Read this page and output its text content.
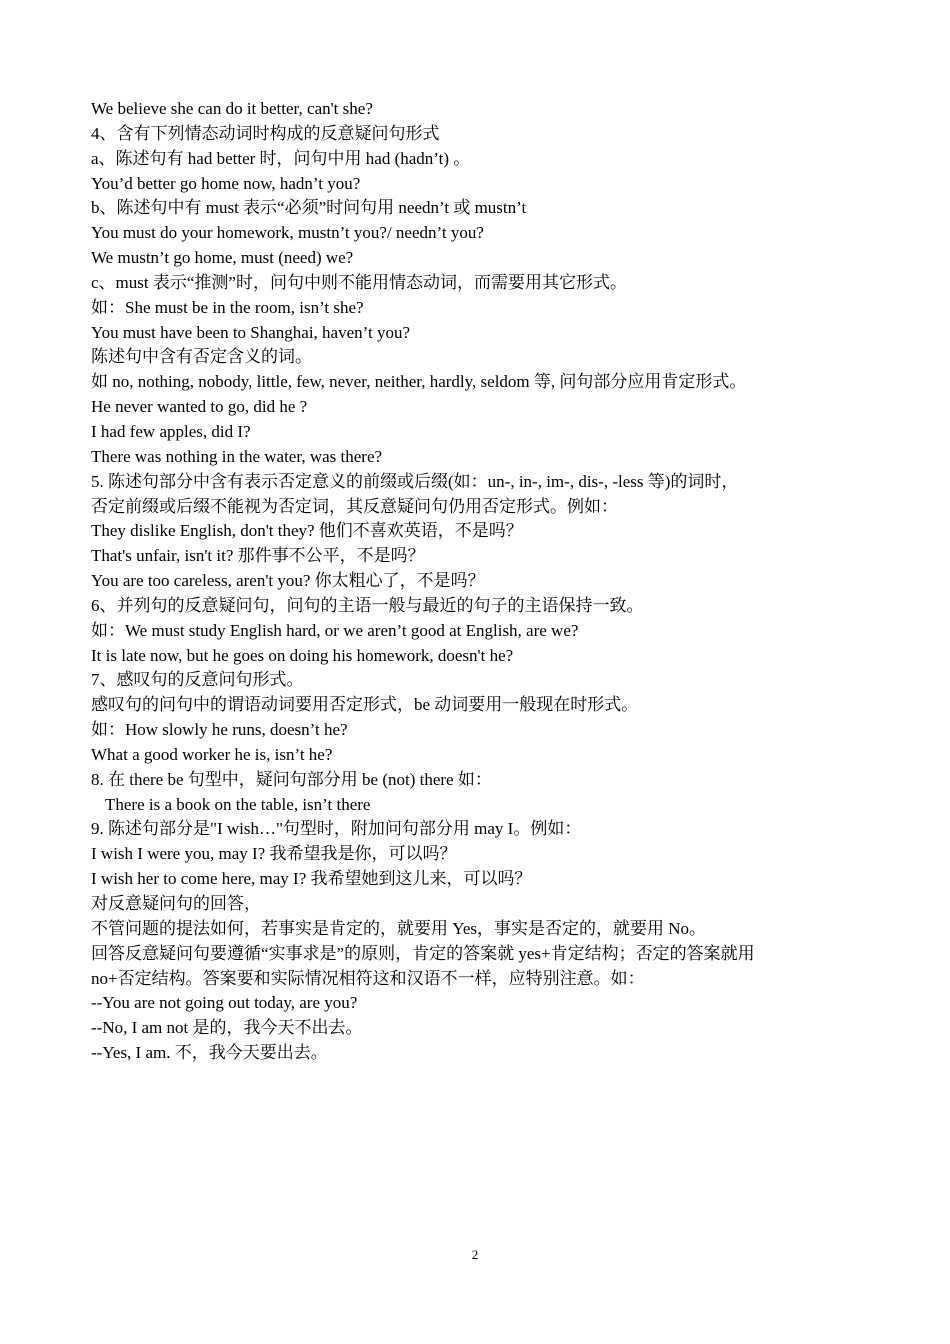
We believe she can do it better, can't she?
4、含有下列情态动词时构成的反意疑问句形式
a、陈述句有 had better 时，问句中用 had (hadn’t) 。
You’d better go home now, hadn’t you?
b、陈述句中有 must 表示“必须”时问句用 needn’t 或 mustn’t
You must do your homework, mustn’t you?/ needn’t you?
We mustn’t go home, must (need) we?
c、must 表示“推测”时，问句中则不能用情态动词，而需要用其它形式。
如：She must be in the room, isn’t she?
You must have been to Shanghai, haven’t you?
陈述句中含有否定含义的词。
如 no, nothing, nobody, little, few, never, neither, hardly, seldom 等, 问句部分应用肯定形式。
He never wanted to go, did he ?
I had few apples, did I?
There was nothing in the water, was there?
5. 陈述句部分中含有表示否定意义的前缀或后缀(如：un-, in-, im-, dis-, -less 等)的词时，
否定前缀或后缀不能视为否定词，其反意疑问句仍用否定形式。例如：
They dislike English, don't they? 他们不喜欢英语，不是吗？
That's unfair, isn't it? 那件事不公平，不是吗？
You are too careless, aren't you? 你太粗心了，不是吗？
6、并列句的反意疑问句，问句的主语一般与最近的句子的主语保持一致。
如：We must study English hard, or we aren’t good at English, are we?
It is late now, but he goes on doing his homework, doesn't he?
7、感叹句的反意问句形式。
感叹句的问句中的谓语动词要用否定形式，be 动词要用一般现在时形式。
如：How slowly he runs, doesn’t he?
What a good worker he is, isn’t he?
8. 在 there be 句型中，疑问句部分用 be (not) there 如：
There is a book on the table, isn’t there
9. 陈述句部分是"I wish…"句型时，附加问句部分用 may I。例如：
I wish I were you, may I? 我希望我是你，可以吗？
I wish her to come here, may I? 我希望她到这儿来，可以吗？
对反意疑问句的回答，
不管问题的提法如何，若事实是肯定的，就要用 Yes，事实是否定的，就要用 No。
回答反意疑问句要遵循“实事求是”的原则，肯定的答案就 yes+肯定结构；否定的答案就用
no+否定结构。答案要和实际情况相符这和汉语不一样，应特别注意。如：
--You are not going out today, are you?
--No, I am not 是的，我今天不出去。
--Yes, I am. 不，我今天要出去。
2
